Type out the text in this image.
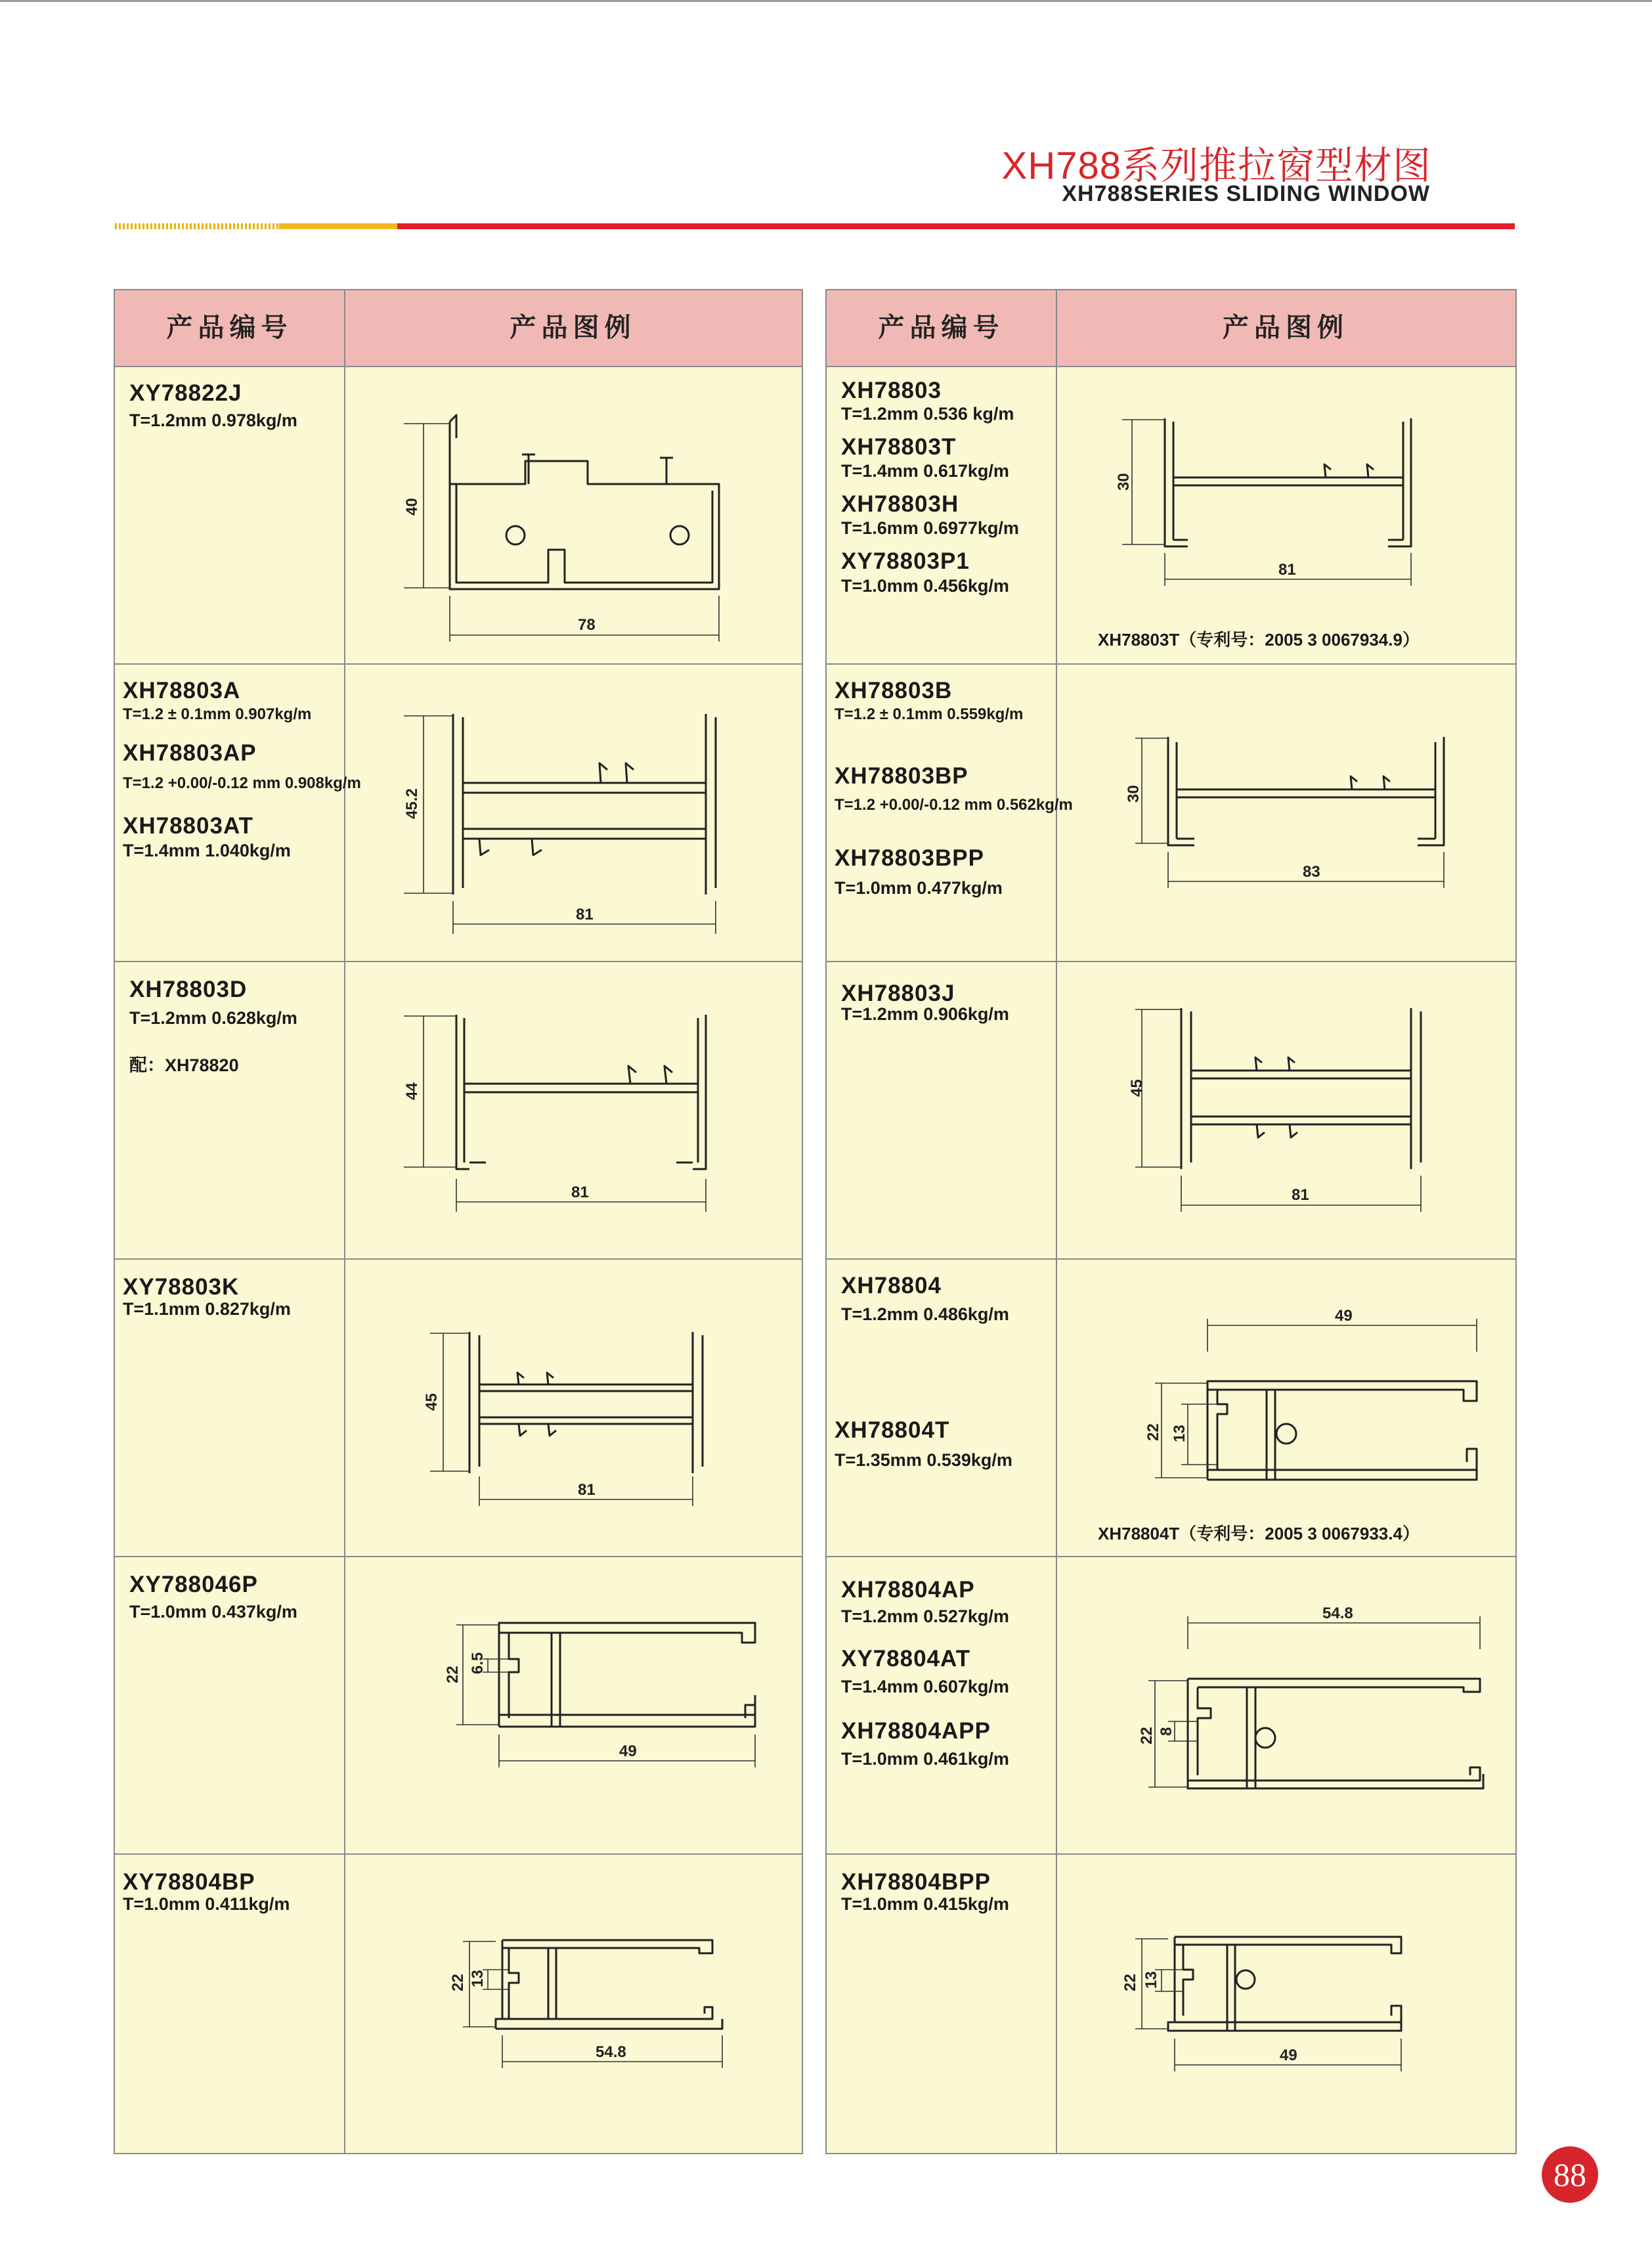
XH788系列推拉窗型材图
XH788SERIES SLIDING WINDOW
产品编号	产品图例
XY78822J
T=1.2mm 0.978kg/m
40
78
XH78803A
T=1.2 ± 0.1mm 0.907kg/m
XH78803AP
T=1.2 +0.00/-0.12 mm 0.908kg/m
XH78803AT
T=1.4mm 1.040kg/m
45.2
81
XH78803D
T=1.2mm 0.628kg/m
配：XH78820
44
81
XY78803K
T=1.1mm 0.827kg/m
45
81
XY788046P
T=1.0mm 0.437kg/m
22
6.5
49
XY78804BP
T=1.0mm 0.411kg/m
22 13
54.8
产品编号	产品图例
XH78803
T=1.2mm 0.536 kg/m
XH78803T
T=1.4mm 0.617kg/m
XH78803H
T=1.6mm 0.6977kg/m
XY78803P1
T=1.0mm 0.456kg/m
XH78803T（专利号：2005 3 0067934.9）
30
81
XH78803B
T=1.2 ± 0.1mm 0.559kg/m
XH78803BP
T=1.2 +0.00/-0.12 mm 0.562kg/m
XH78803BPP
T=1.0mm 0.477kg/m
30
83
XH78803J
T=1.2mm 0.906kg/m
45
81
XH78804
T=1.2mm 0.486kg/m
XH78804T
T=1.35mm 0.539kg/m
XH78804T（专利号：2005 3 0067933.4）
49
22 13
XH78804AP
T=1.2mm 0.527kg/m
XY78804AT
T=1.4mm 0.607kg/m
XH78804APP
T=1.0mm 0.461kg/m
54.8
22 8
XH78804BPP
T=1.0mm 0.415kg/m
22 13
49
88
